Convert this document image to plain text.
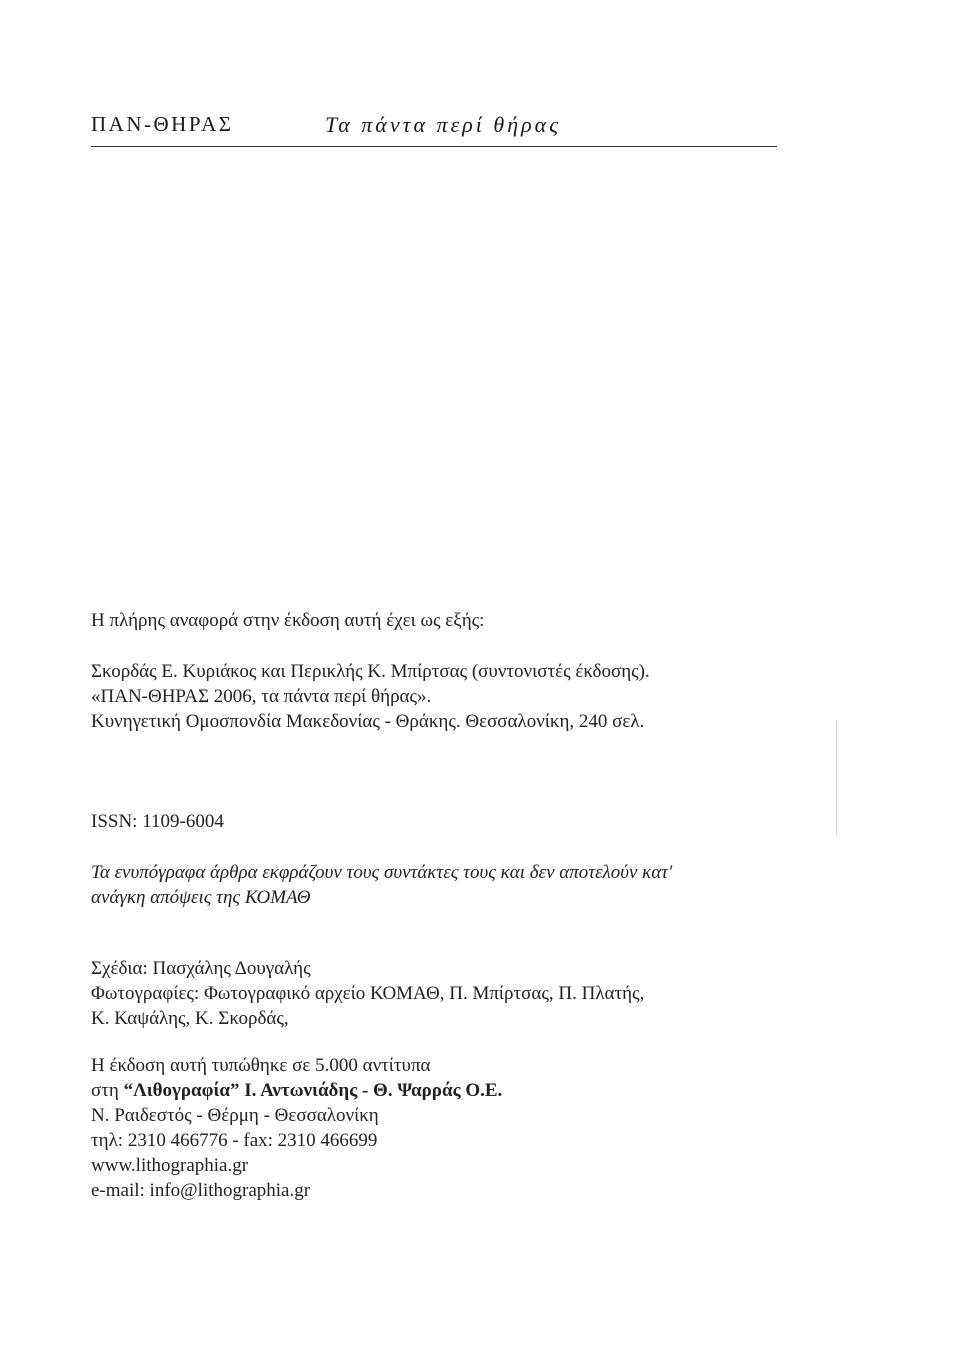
ΠΑΝ-ΘΗΡΑΣ	Τα πάντα περί θήρας
Η πλήρης αναφορά στην έκδοση αυτή έχει ως εξής:
Σκορδάς Ε. Κυριάκος και Περικλής Κ. Μπίρτσας (συντονιστές έκδοσης).
«ΠΑΝ-ΘΗΡΑΣ 2006, τα πάντα περί θήρας».
Κυνηγετική Ομοσπονδία Μακεδονίας - Θράκης. Θεσσαλονίκη, 240 σελ.
ISSN: 1109-6004
Τα ενυπόγραφα άρθρα εκφράζουν τους συντάκτες τους και δεν αποτελούν κατ'
ανάγκη απόψεις της ΚΟΜΑΘ
Σχέδια: Πασχάλης Δουγαλής
Φωτογραφίες: Φωτογραφικό αρχείο ΚΟΜΑΘ, Π. Μπίρτσας, Π. Πλατής,
Κ. Καψάλης, Κ. Σκορδάς,
Η έκδοση αυτή τυπώθηκε σε 5.000 αντίτυπα
στη “Λιθογραφία” Ι. Αντωνιάδης - Θ. Ψαρράς Ο.Ε.
Ν. Ραιδεστός - Θέρμη - Θεσσαλονίκη
τηλ: 2310 466776 - fax: 2310 466699
www.lithographia.gr
e-mail: info@lithographia.gr
